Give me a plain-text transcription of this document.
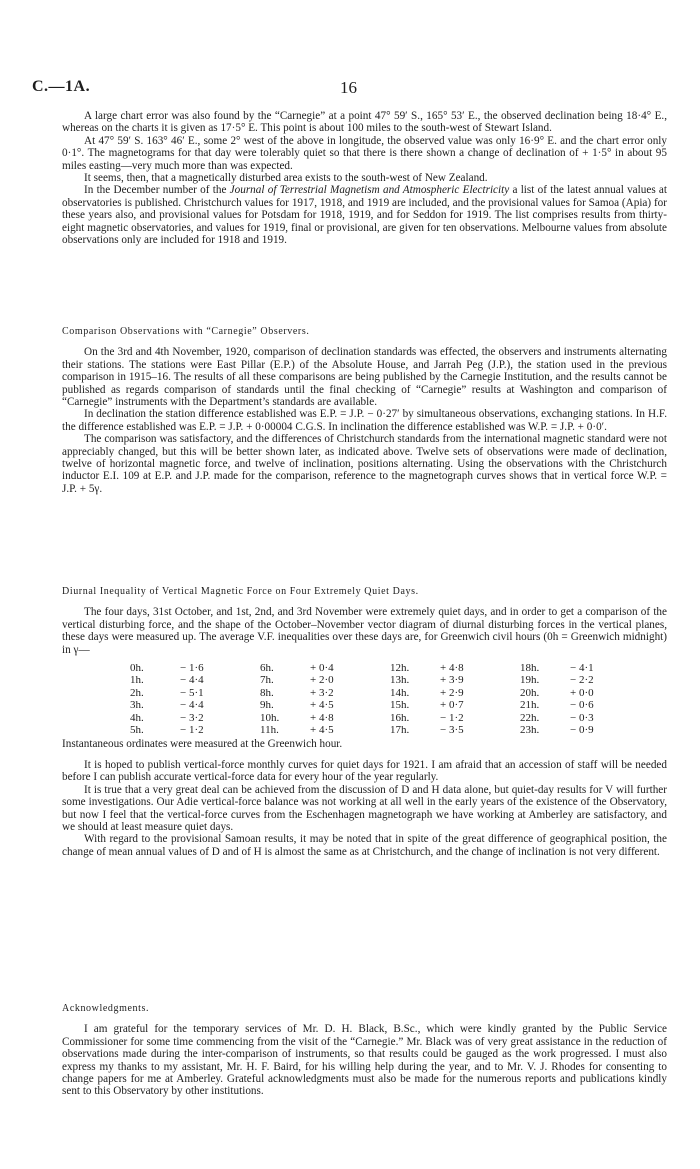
C.—1A.	16

A large chart error was also found by the “Carnegie” at a point 47° 59′ S., 165° 53′ E., the observed declination being 18·4° E., whereas on the charts it is given as 17·5° E. This point is about 100 miles to the south-west of Stewart Island.

At 47° 59′ S. 163° 46′ E., some 2° west of the above in longitude, the observed value was only 16·9° E. and the chart error only 0·1°. The magnetograms for that day were tolerably quiet so that there is there shown a change of declination of + 1·5° in about 95 miles easting—very much more than was expected.

It seems, then, that a magnetically disturbed area exists to the south-west of New Zealand.

In the December number of the Journal of Terrestrial Magnetism and Atmospheric Electricity a list of the latest annual values at observatories is published. Christchurch values for 1917, 1918, and 1919 are included, and the provisional values for Samoa (Apia) for these years also, and provisional values for Potsdam for 1918, 1919, and for Seddon for 1919. The list comprises results from thirty-eight magnetic observatories, and values for 1919, final or provisional, are given for ten observations. Melbourne values from absolute observations only are included for 1918 and 1919.

Comparison Observations with “Carnegie” Observers.

On the 3rd and 4th November, 1920, comparison of declination standards was effected, the observers and instruments alternating their stations. The stations were East Pillar (E.P.) of the Absolute House, and Jarrah Peg (J.P.), the station used in the previous comparison in 1915–16. The results of all these comparisons are being published by the Carnegie Institution, and the results cannot be published as regards comparison of standards until the final checking of “Carnegie” results at Washington and comparison of “Carnegie” instruments with the Department’s standards are available.

In declination the station difference established was E.P. = J.P. − 0·27′ by simultaneous observations, exchanging stations. In H.F. the difference established was E.P. = J.P. + 0·00004 C.G.S. In inclination the difference established was W.P. = J.P. + 0·0′.

The comparison was satisfactory, and the differences of Christchurch standards from the international magnetic standard were not appreciably changed, but this will be better shown later, as indicated above. Twelve sets of observations were made of declination, twelve of horizontal magnetic force, and twelve of inclination, positions alternating. Using the observations with the Christchurch inductor E.I. 109 at E.P. and J.P. made for the comparison, reference to the magnetograph curves shows that in vertical force W.P. = J.P. + 5γ.

Diurnal Inequality of Vertical Magnetic Force on Four Extremely Quiet Days.

The four days, 31st October, and 1st, 2nd, and 3rd November were extremely quiet days, and in order to get a comparison of the vertical disturbing force, and the shape of the October–November vector diagram of diurnal disturbing forces in the vertical planes, these days were measured up. The average V.F. inequalities over these days are, for Greenwich civil hours (0h = Greenwich midnight) in γ—

0h.	− 1·6	6h.	+ 0·4	12h.	+ 4·8	18h.	− 4·1
1h.	− 4·4	7h.	+ 2·0	13h.	+ 3·9	19h.	− 2·2
2h.	− 5·1	8h.	+ 3·2	14h.	+ 2·9	20h.	+ 0·0
3h.	− 4·4	9h.	+ 4·5	15h.	+ 0·7	21h.	− 0·6
4h.	− 3·2	10h.	+ 4·8	16h.	− 1·2	22h.	− 0·3
5h.	− 1·2	11h.	+ 4·5	17h.	− 3·5	23h.	− 0·9

Instantaneous ordinates were measured at the Greenwich hour.

It is hoped to publish vertical-force monthly curves for quiet days for 1921. I am afraid that an accession of staff will be needed before I can publish accurate vertical-force data for every hour of the year regularly.

It is true that a very great deal can be achieved from the discussion of D and H data alone, but quiet-day results for V will further some investigations. Our Adie vertical-force balance was not working at all well in the early years of the existence of the Observatory, but now I feel that the vertical-force curves from the Eschenhagen magnetograph we have working at Amberley are satisfactory, and we should at least measure quiet days.

With regard to the provisional Samoan results, it may be noted that in spite of the great difference of geographical position, the change of mean annual values of D and of H is almost the same as at Christchurch, and the change of inclination is not very different.

Acknowledgments.

I am grateful for the temporary services of Mr. D. H. Black, B.Sc., which were kindly granted by the Public Service Commissioner for some time commencing from the visit of the “Carnegie.” Mr. Black was of very great assistance in the reduction of observations made during the inter-comparison of instruments, so that results could be gauged as the work progressed. I must also express my thanks to my assistant, Mr. H. F. Baird, for his willing help during the year, and to Mr. V. J. Rhodes for consenting to change papers for me at Amberley. Grateful acknowledgments must also be made for the numerous reports and publications kindly sent to this Observatory by other institutions.
